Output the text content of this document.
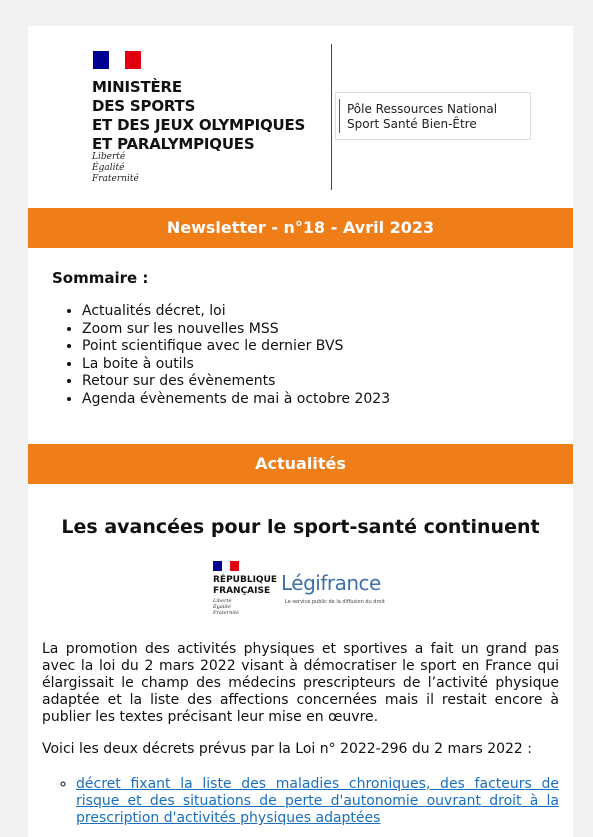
MINISTÈRE
DES SPORTS
ET DES JEUX OLYMPIQUES
ET PARALYMPIQUES
Liberté
Égalité
Fraternité
Pôle Ressources National
Sport Santé Bien-Être
Newsletter - n°18 - Avril 2023
Sommaire :
• Actualités décret, loi
• Zoom sur les nouvelles MSS
• Point scientifique avec le dernier BVS
• La boite à outils
• Retour sur des évènements
• Agenda évènements de mai à octobre 2023
Actualités
Les avancées pour le sport-santé continuent
RÉPUBLIQUE
FRANÇAISE
Liberté
Égalité
Fraternité
Légifrance
Le service public de la diffusion du droit

La promotion des activités physiques et sportives a fait un grand pas avec la loi du 2 mars 2022 visant à démocratiser le sport en France qui élargissait le champ des médecins prescripteurs de l’activité physique adaptée et la liste des affections concernées mais il restait encore à publier les textes précisant leur mise en œuvre.

Voici les deux décrets prévus par la Loi n° 2022-296 du 2 mars 2022 :

◦ décret fixant la liste des maladies chroniques, des facteurs de risque et des situations de perte d'autonomie ouvrant droit à la prescription d'activités physiques adaptées
